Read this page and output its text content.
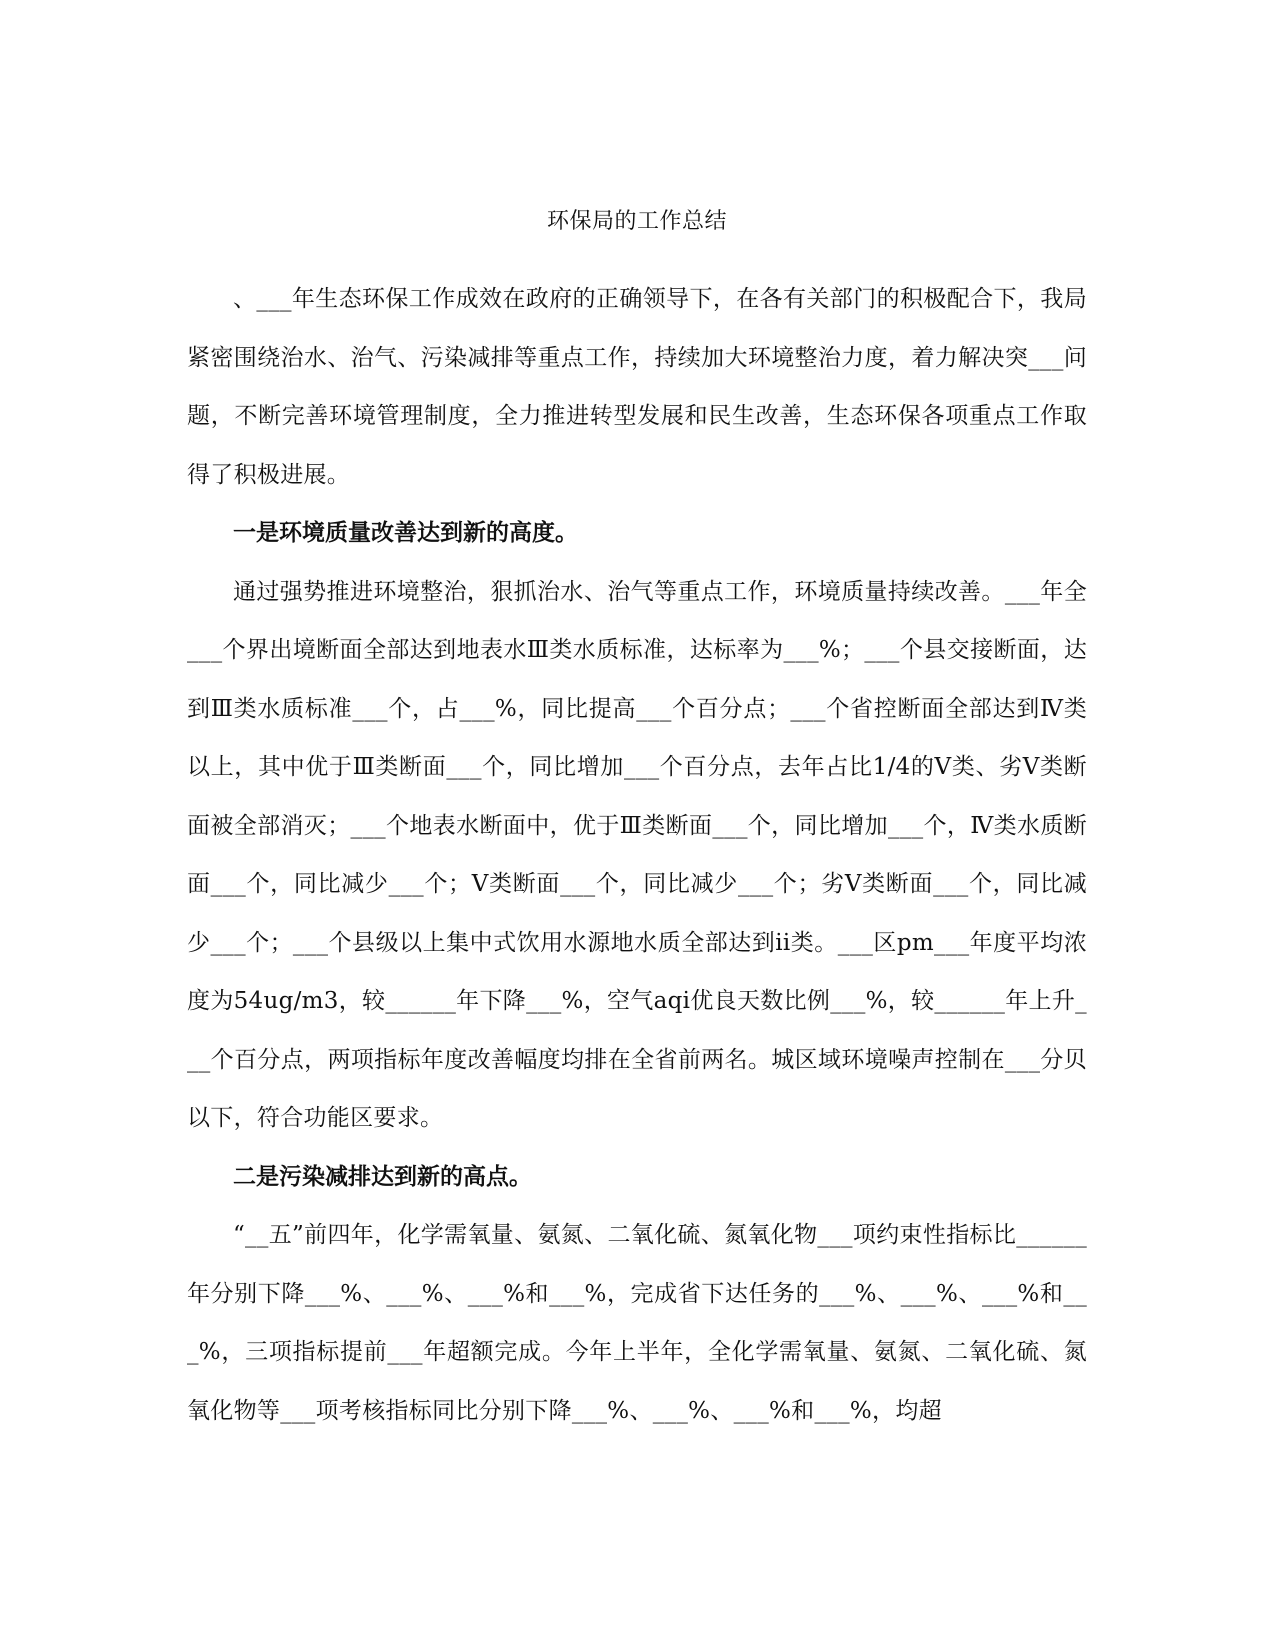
环保局的工作总结

、___年生态环保工作成效在政府的正确领导下，在各有关部门的积极配合下，我局紧密围绕治水、治气、污染减排等重点工作，持续加大环境整治力度，着力解决突___问题，不断完善环境管理制度，全力推进转型发展和民生改善，生态环保各项重点工作取得了积极进展。

一是环境质量改善达到新的高度。

通过强势推进环境整治，狠抓治水、治气等重点工作，环境质量持续改善。___年全___个界出境断面全部达到地表水Ⅲ类水质标准，达标率为___%；___个县交接断面，达到Ⅲ类水质标准___个，占___%，同比提高___个百分点；___个省控断面全部达到Ⅳ类以上，其中优于Ⅲ类断面___个，同比增加___个百分点，去年占比1/4的Ⅴ类、劣Ⅴ类断面被全部消灭；___个地表水断面中，优于Ⅲ类断面___个，同比增加___个，Ⅳ类水质断面___个，同比减少___个；Ⅴ类断面___个，同比减少___个；劣Ⅴ类断面___个，同比减少___个；___个县级以上集中式饮用水源地水质全部达到ii类。___区pm___年度平均浓度为54ug/m3，较______年下降___%，空气aqi优良天数比例___%，较______年上升___个百分点，两项指标年度改善幅度均排在全省前两名。城区域环境噪声控制在___分贝以下，符合功能区要求。

二是污染减排达到新的高点。

“__五”前四年，化学需氧量、氨氮、二氧化硫、氮氧化物___项约束性指标比______年分别下降___%、___%、___%和___%，完成省下达任务的___%、___%、___%和___%，三项指标提前___年超额完成。今年上半年，全化学需氧量、氨氮、二氧化硫、氮氧化物等___项考核指标同比分别下降___%、___%、___%和___%，均超
